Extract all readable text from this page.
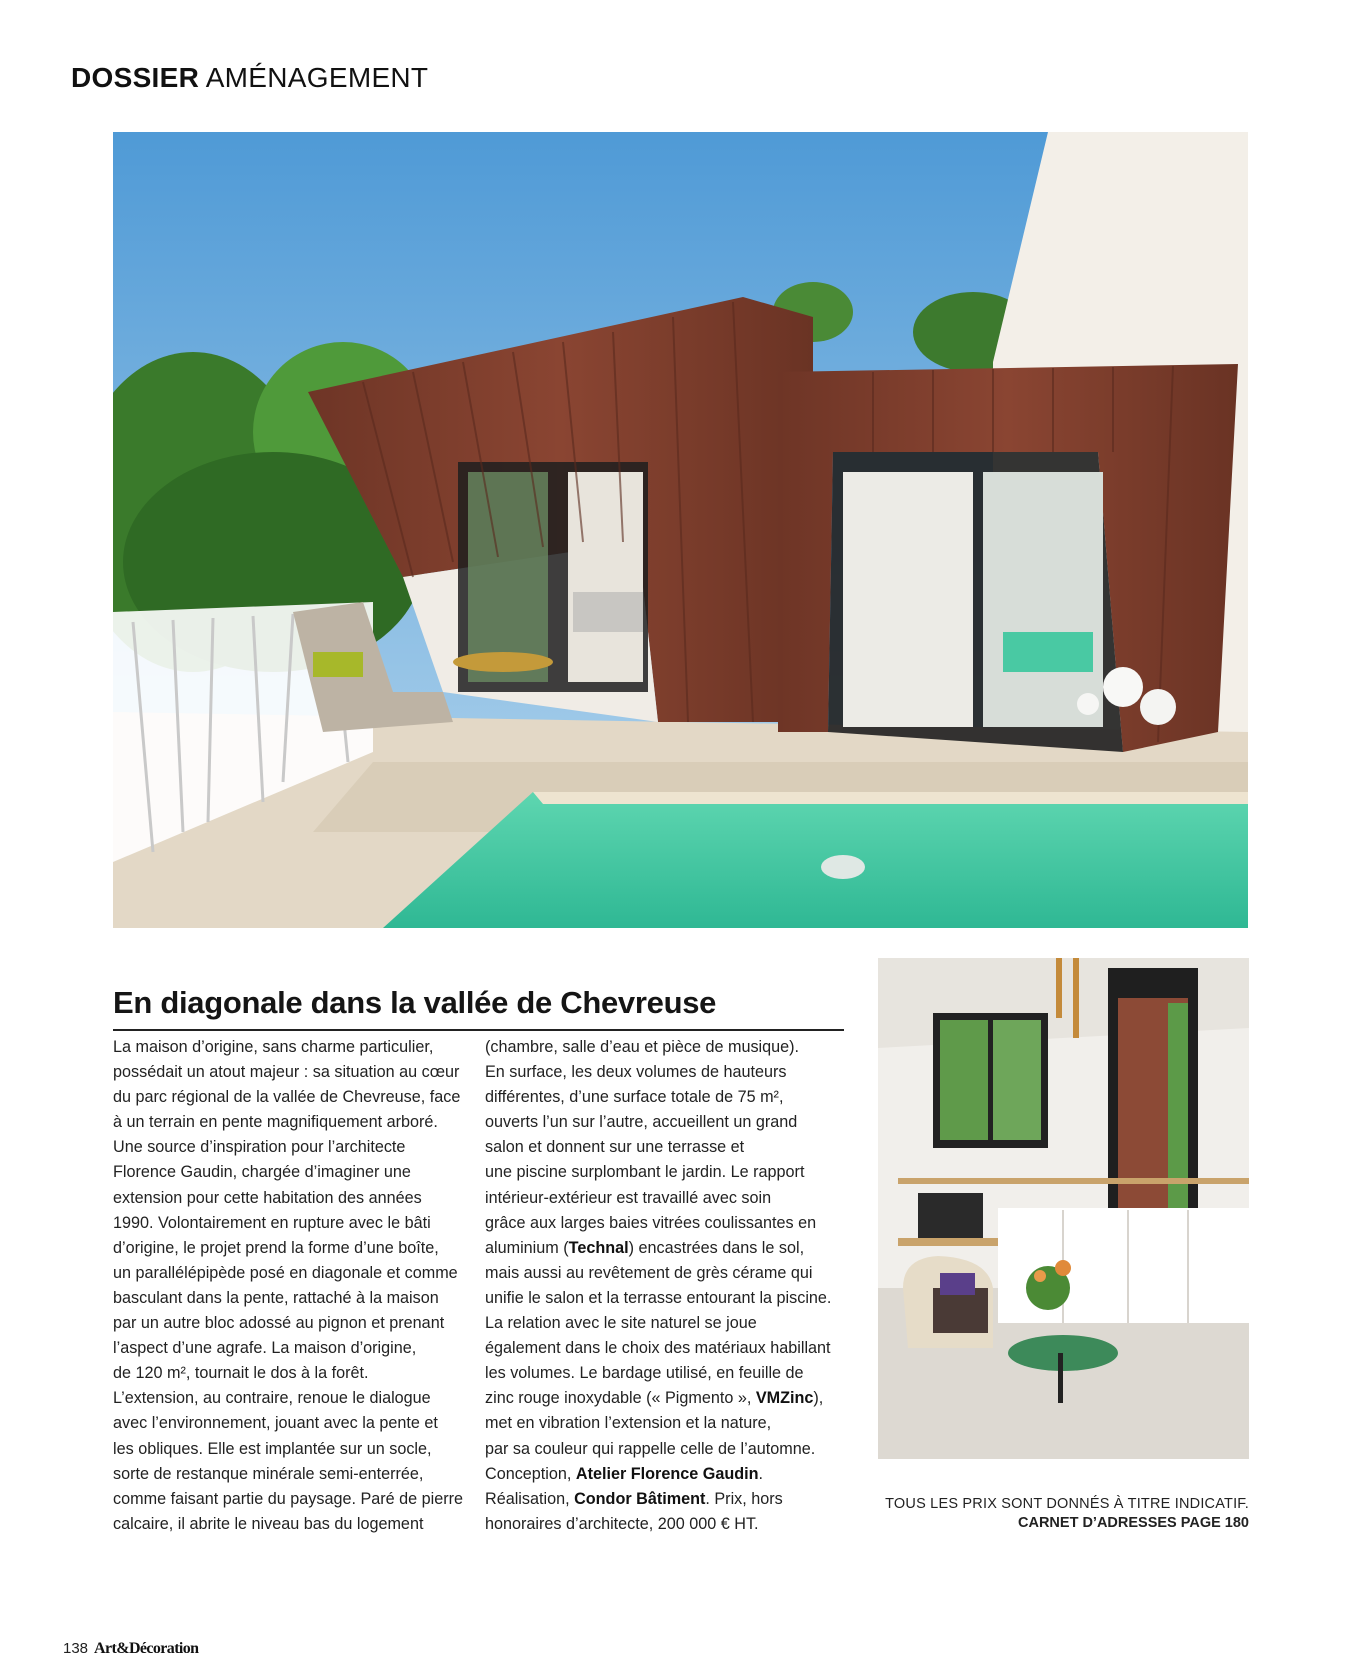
DOSSIER AMÉNAGEMENT
En diagonale dans la vallée de Chevreuse
La maison d’origine, sans charme particulier,
possédait un atout majeur : sa situation au cœur
du parc régional de la vallée de Chevreuse, face
à un terrain en pente magnifiquement arboré.
Une source d’inspiration pour l’architecte
Florence Gaudin, chargée d’imaginer une
extension pour cette habitation des années
1990. Volontairement en rupture avec le bâti
d’origine, le projet prend la forme d’une boîte,
un parallélépipède posé en diagonale et comme
basculant dans la pente, rattaché à la maison
par un autre bloc adossé au pignon et prenant
l’aspect d’une agrafe. La maison d’origine,
de 120 m², tournait le dos à la forêt.
L’extension, au contraire, renoue le dialogue
avec l’environnement, jouant avec la pente et
les obliques. Elle est implantée sur un socle,
sorte de restanque minérale semi-enterrée,
comme faisant partie du paysage. Paré de pierre
calcaire, il abrite le niveau bas du logement
(chambre, salle d’eau et pièce de musique).
En surface, les deux volumes de hauteurs
différentes, d’une surface totale de 75 m²,
ouverts l’un sur l’autre, accueillent un grand
salon et donnent sur une terrasse et
une piscine surplombant le jardin. Le rapport
intérieur-extérieur est travaillé avec soin
grâce aux larges baies vitrées coulissantes en
aluminium (Technal) encastrées dans le sol,
mais aussi au revêtement de grès cérame qui
unifie le salon et la terrasse entourant la piscine.
La relation avec le site naturel se joue
également dans le choix des matériaux habillant
les volumes. Le bardage utilisé, en feuille de
zinc rouge inoxydable (« Pigmento », VMZinc),
met en vibration l’extension et la nature,
par sa couleur qui rappelle celle de l’automne.
Conception, Atelier Florence Gaudin.
Réalisation, Condor Bâtiment. Prix, hors
honoraires d’architecte, 200 000 € HT.
TOUS LES PRIX SONT DONNÉS À TITRE INDICATIF.
CARNET D’ADRESSES PAGE 180
138 Art&Décoration
